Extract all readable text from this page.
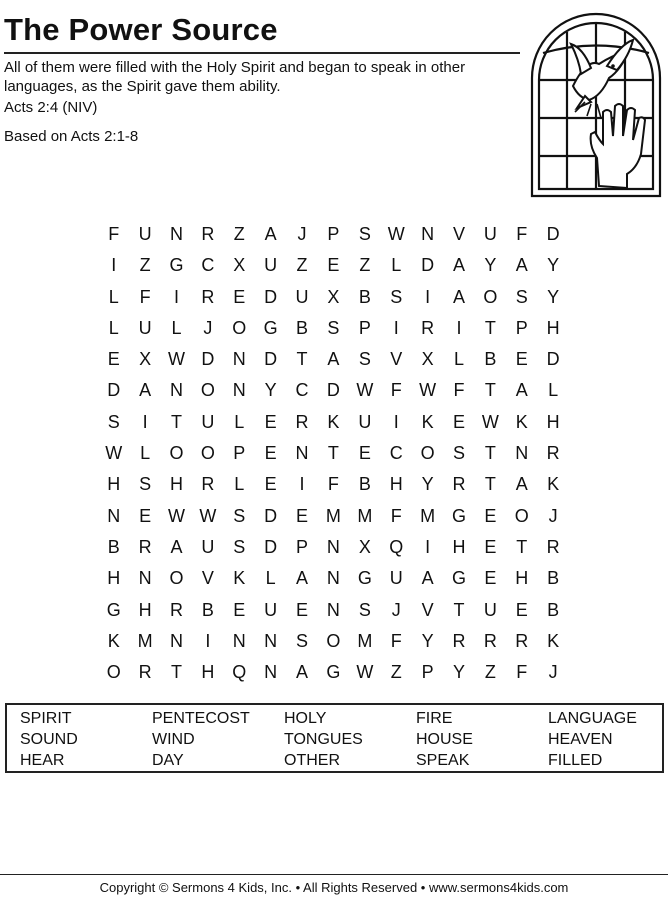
The Power Source
All of them were filled with the Holy Spirit and began to speak in other languages, as the Spirit gave them ability.
Acts 2:4 (NIV)
Based on Acts 2:1-8
F	U	N	R	Z	A	J	P	S W N	V	U	F	D
I	Z	G C	X	U	Z	E	Z	L	D	A	Y	A	Y
L	F	I	R	E	D	U	X	B	S	I	A	O	S	Y
L	U	L	J	O G	B	S	P	I	R	I	T	P	H
E	X W D	N	D	T	A	S	V	X	L	B	E	D
D	A	N O N	Y	C	D W F W F	T	A	L
S	I	T	U	L	E	R	K	U	I	K	E W K	H
W L	O O	P	E	N	T	E	C O	S	T	N	R
H	S	H	R	L	E	I	F	B	H	Y	R	T	A	K
N	E W W S	D	E M M	F	M G	E	O	J
B	R	A	U	S	D	P	N	X	Q	I	H	E	T	R
H	N O	V	K	L	A	N G U	A	G	E	H	B
G H	R	B	E	U	E	N	S	J	V	T	U	E	B
K M N	I	N	N	S	O M	F	Y	R	R	R	K
O R	T	H Q N	A	G W Z	P	Y	Z	F	J
SPIRIT	PENTECOST HOLY	FIRE	LANGUAGE
SOUND	WIND	TONGUES	HOUSE	HEAVEN
HEAR	DAY	OTHER	SPEAK	FILLED
Copyright © Sermons 4 Kids, Inc. • All Rights Reserved • www.sermons4kids.com
